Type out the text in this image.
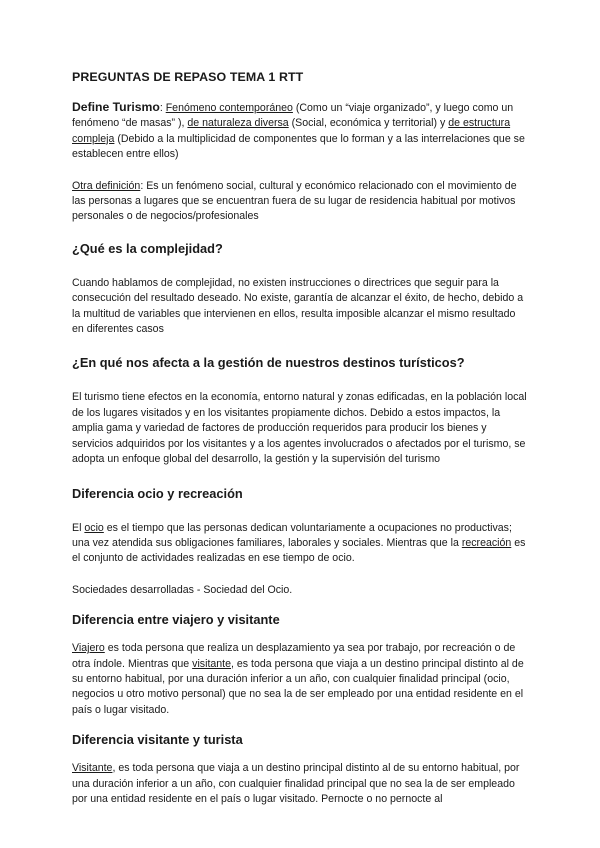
PREGUNTAS DE REPASO TEMA 1 RTT

Define Turismo: Fenómeno contemporáneo (Como un “viaje organizado”, y luego como un fenómeno “de masas” ), de naturaleza diversa (Social, económica y territorial) y de estructura compleja (Debido a la multiplicidad de componentes que lo forman y a las interrelaciones que se establecen entre ellos)

Otra definición: Es un fenómeno social, cultural y económico relacionado con el movimiento de las personas a lugares que se encuentran fuera de su lugar de residencia habitual por motivos personales o de negocios/profesionales

¿Qué es la complejidad?

Cuando hablamos de complejidad, no existen instrucciones o directrices que seguir para la consecución del resultado deseado. No existe, garantía de alcanzar el éxito, de hecho, debido a la multitud de variables que intervienen en ellos, resulta imposible alcanzar el mismo resultado en diferentes casos

¿En qué nos afecta a la gestión de nuestros destinos turísticos?

El turismo tiene efectos en la economía, entorno natural y zonas edificadas, en la población local de los lugares visitados y en los visitantes propiamente dichos. Debido a estos impactos, la amplia gama y variedad de factores de producción requeridos para producir los bienes y servicios adquiridos por los visitantes y a los agentes involucrados o afectados por el turismo, se adopta un enfoque global del desarrollo, la gestión y la supervisión del turismo

Diferencia ocio y recreación

El ocio es el tiempo que las personas dedican voluntariamente a ocupaciones no productivas; una vez atendida sus obligaciones familiares, laborales y sociales. Mientras que la recreación es el conjunto de actividades realizadas en ese tiempo de ocio.

Sociedades desarrolladas - Sociedad del Ocio.

Diferencia entre viajero y visitante

Viajero es toda persona que realiza un desplazamiento ya sea por trabajo, por recreación o de otra índole. Mientras que visitante, es toda persona que viaja a un destino principal distinto al de su entorno habitual, por una duración inferior a un año, con cualquier finalidad principal (ocio, negocios u otro motivo personal) que no sea la de ser empleado por una entidad residente en el país o lugar visitado.

Diferencia visitante y turista

Visitante, es toda persona que viaja a un destino principal distinto al de su entorno habitual, por una duración inferior a un año, con cualquier finalidad principal que no sea la de ser empleado por una entidad residente en el país o lugar visitado. Pernocte o no pernocte al
